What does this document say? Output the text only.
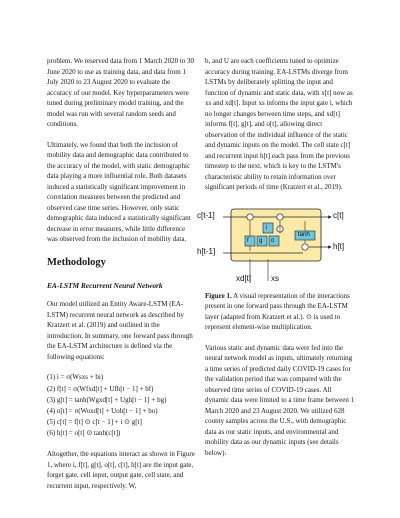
problem. We reserved data from 1 March 2020 to 30 June 2020 to use as training data, and data from 1 July 2020 to 23 August 2020 to evaluate the accuracy of our model. Key hyperparameters were tuned during preliminary model training, and the model was run with several random seeds and conditions.

Ultimately, we found that both the inclusion of mobility data and demographic data contributed to the accuracy of the model, with static demographic data playing a more influential role. Both datasets induced a statistically significant improvement in correlation measures between the predicted and observed case time series. However, only static demographic data induced a statistically significant decrease in error measures, while little difference was observed from the inclusion of mobility data.

Methodology
EA-LSTM Recurrent Neural Network

Our model utilized an Entity Aware-LSTM (EA-LSTM) recurrent neural network as described by Kratzert et al. (2019) and outlined in the introduction. In summary, one forward pass through the EA-LSTM architecture is defined via the following equations:

(1) i = σ(Wsxs + bi)
(2) f[t] = σ(Wfxd[t] + Ufh[t − 1] + bf)
(3) g[t] = tanh(Wgxd[t] + Ugh[t − 1] + bg)
(4) o[t] = σ(Woxd[t] + Uoh[t − 1] + bo)
(5) c[t] = f[t] ⊙ c[t − 1] + i ⊙ g[t]
(6) h[t] = o[t] ⊙ tanh(c[t])

Altogether, the equations interact as shown in Figure 1, where i, f[t], g[t], o[t], c[t], h[t] are the input gate, forget gate, cell input, output gate, cell state, and recurrent input, respectively. W,

b, and U are each coefficients tuned to optimize accuracy during training. EA-LSTMs diverge from LSTMs by deliberately splitting the input and function of dynamic and static data, with x[t] now as xs and xd[t]. Input xs informs the input gate i, which no longer changes between time steps, and xd[t] informs f[t], g[t], and o[t], allowing direct observation of the individual influence of the static and dynamic inputs on the model. The cell state c[t] and recurrent input h[t] each pass from the previous timestep to the next, which is key to the LSTM's characteristic ability to retain information over significant periods of time (Kratzert et al., 2019).

c[t-1]	c[t]
h[t-1]
h[t]
f g o
i
tanh
xd[t] xs

Figure 1. A visual representation of the interactions present in one forward pass through the EA-LSTM layer (adapted from Kratzert et al.). ⊙ is used to represent element-wise multiplication.

Various static and dynamic data were fed into the neural network model as inputs, ultimately returning a time series of predicted daily COVID-19 cases for the validation period that was compared with the observed time series of COVID-19 cases. All dynamic data were limited to a time frame between 1 March 2020 and 23 August 2020. We utilized 628 county samples across the U.S., with demographic data as our static inputs, and environmental and mobility data as our dynamic inputs (see details below).
